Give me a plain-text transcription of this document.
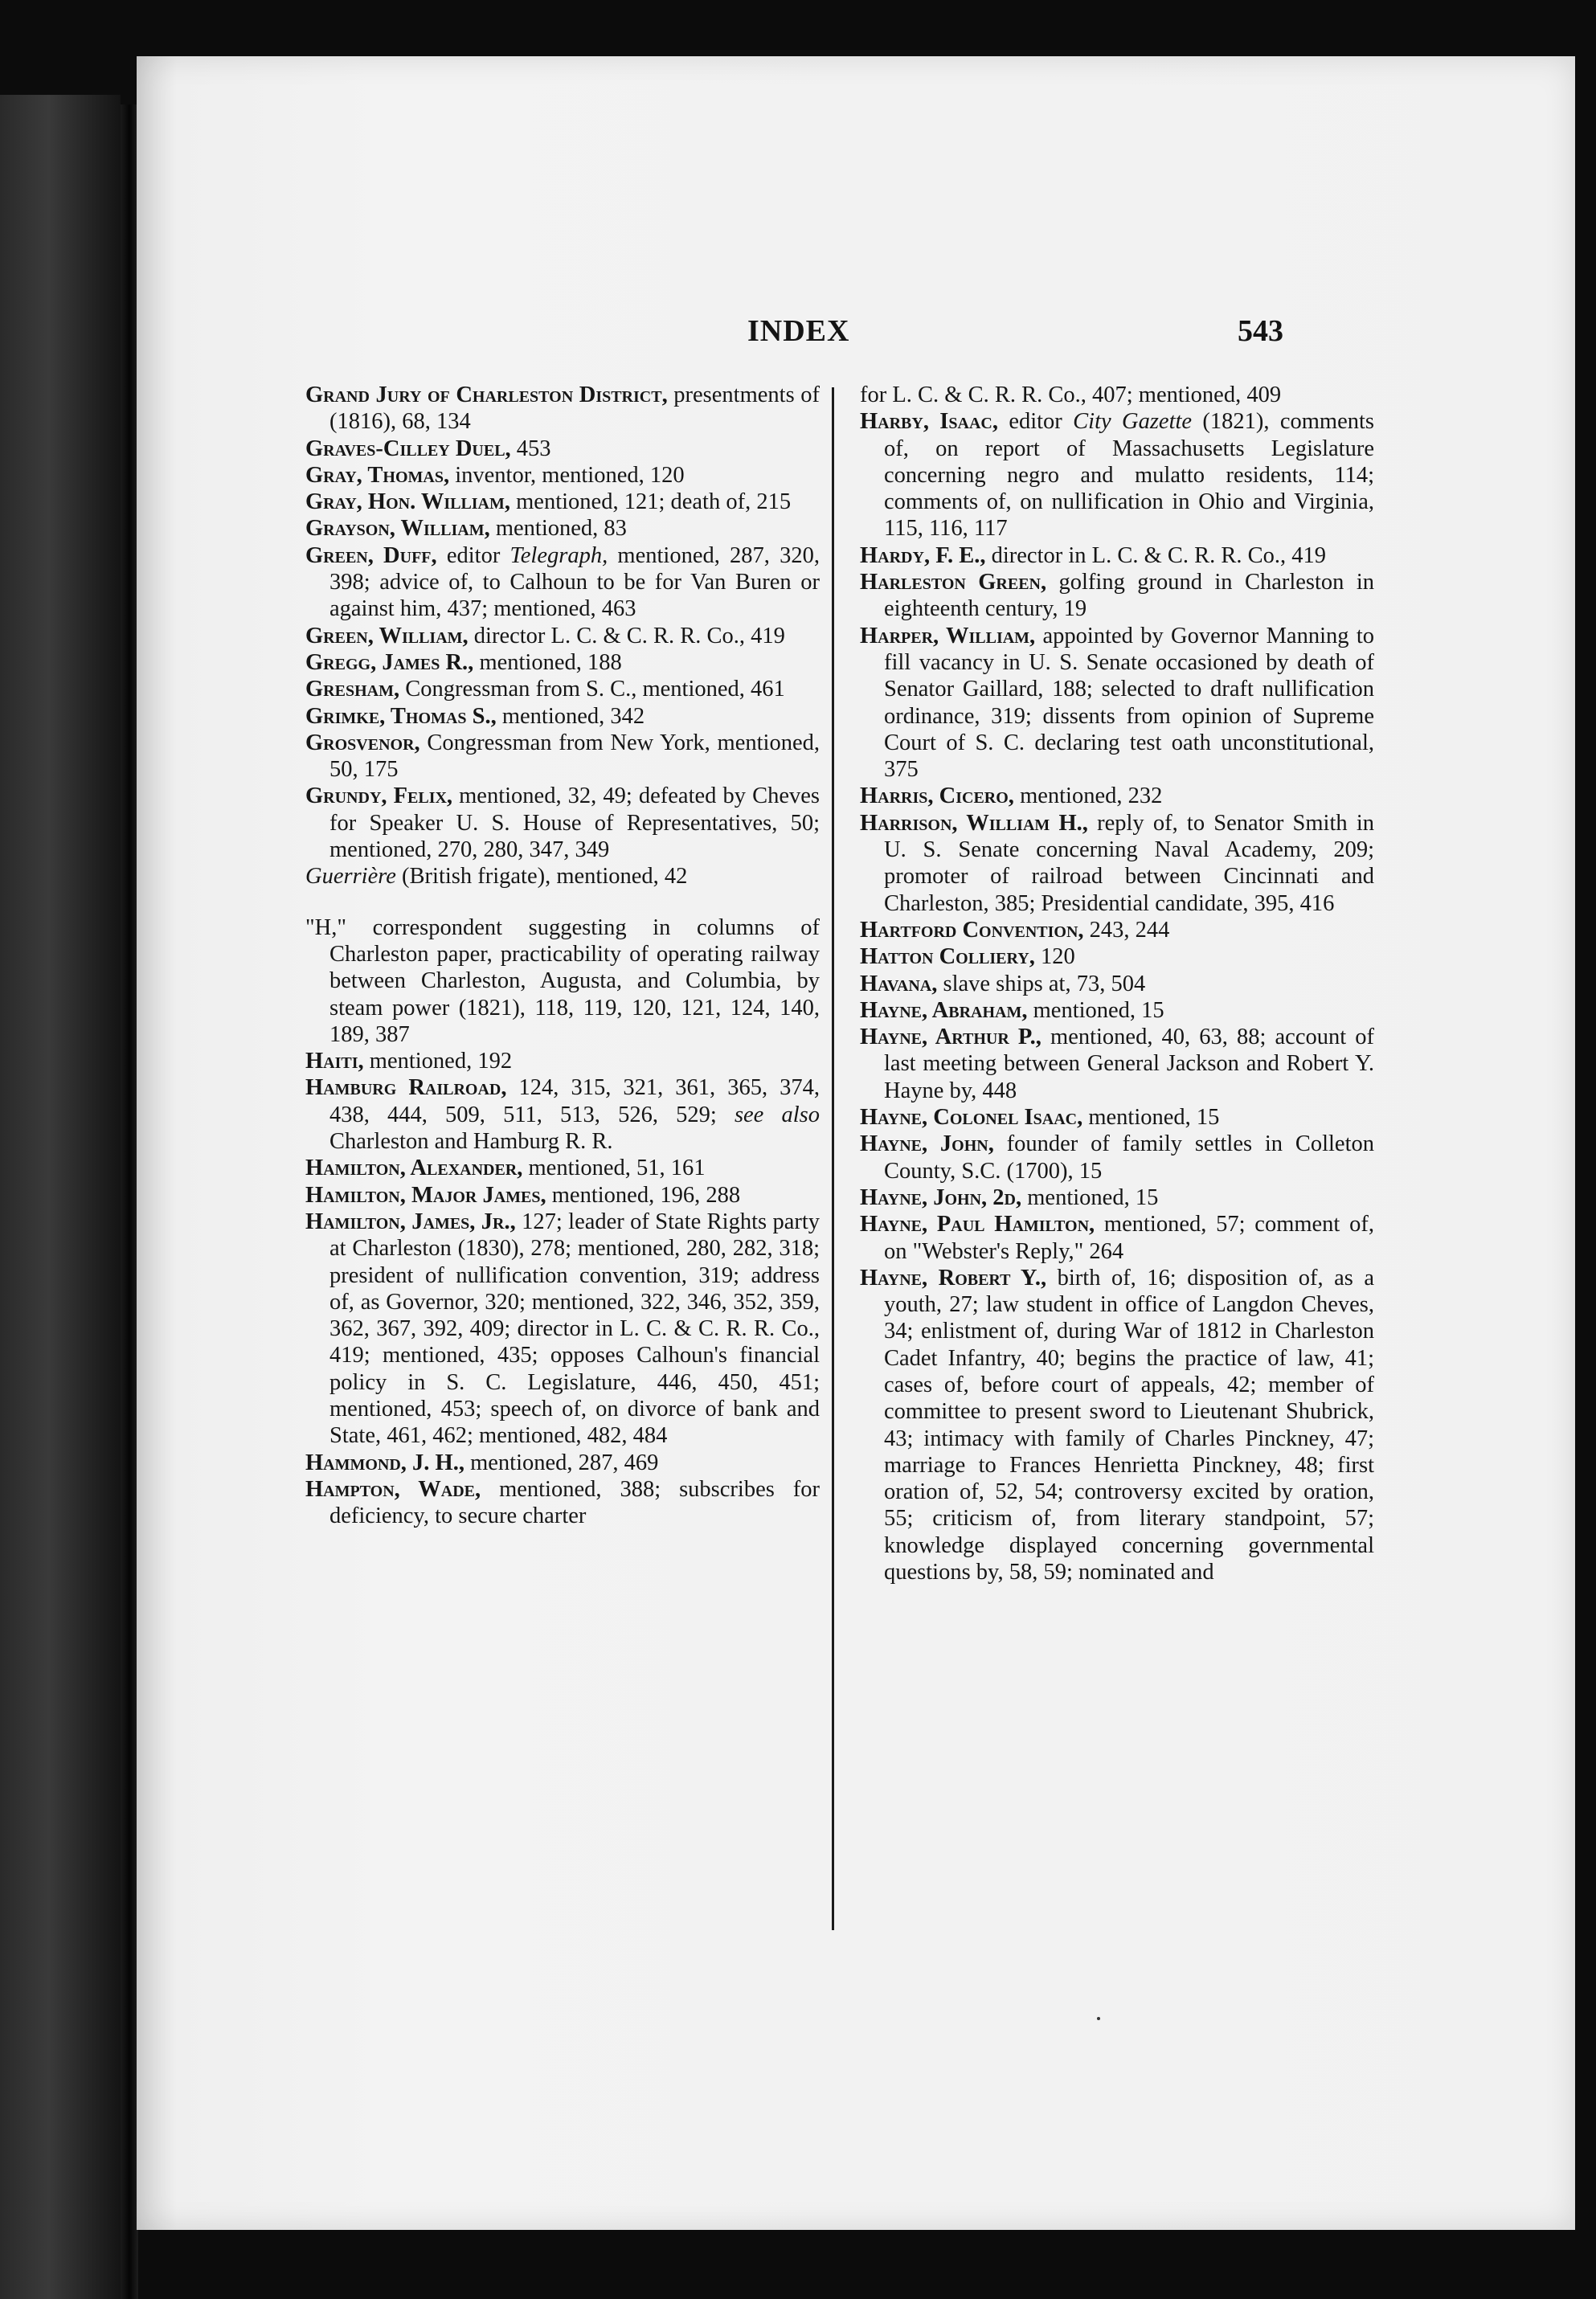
INDEX	543

Grand Jury of Charleston District, presentments of (1816), 68, 134

Graves-Cilley Duel, 453

Gray, Thomas, inventor, mentioned, 120

Gray, Hon. William, mentioned, 121; death of, 215

Grayson, William, mentioned, 83

Green, Duff, editor Telegraph, mentioned, 287, 320, 398; advice of, to Calhoun to be for Van Buren or against him, 437; mentioned, 463

Green, William, director L. C. & C. R. R. Co., 419

Gregg, James R., mentioned, 188

Gresham, Congressman from S. C., mentioned, 461

Grimke, Thomas S., mentioned, 342

Grosvenor, Congressman from New York, mentioned, 50, 175

Grundy, Felix, mentioned, 32, 49; defeated by Cheves for Speaker U. S. House of Representatives, 50; mentioned, 270, 280, 347, 349

Guerrière (British frigate), mentioned, 42

"H," correspondent suggesting in columns of Charleston paper, practicability of operating railway between Charleston, Augusta, and Columbia, by steam power (1821), 118, 119, 120, 121, 124, 140, 189, 387

Haiti, mentioned, 192

Hamburg Railroad, 124, 315, 321, 361, 365, 374, 438, 444, 509, 511, 513, 526, 529; see also Charleston and Hamburg R. R.

Hamilton, Alexander, mentioned, 51, 161

Hamilton, Major James, mentioned, 196, 288

Hamilton, James, Jr., 127; leader of State Rights party at Charleston (1830), 278; mentioned, 280, 282, 318; president of nullification convention, 319; address of, as Governor, 320; mentioned, 322, 346, 352, 359, 362, 367, 392, 409; director in L. C. & C. R. R. Co., 419; mentioned, 435; opposes Calhoun's financial policy in S. C. Legislature, 446, 450, 451; mentioned, 453; speech of, on divorce of bank and State, 461, 462; mentioned, 482, 484

Hammond, J. H., mentioned, 287, 469

Hampton, Wade, mentioned, 388; subscribes for deficiency, to secure charter

for L. C. & C. R. R. Co., 407; mentioned, 409

Harby, Isaac, editor City Gazette (1821), comments of, on report of Massachusetts Legislature concerning negro and mulatto residents, 114; comments of, on nullification in Ohio and Virginia, 115, 116, 117

Hardy, F. E., director in L. C. & C. R. R. Co., 419

Harleston Green, golfing ground in Charleston in eighteenth century, 19

Harper, William, appointed by Governor Manning to fill vacancy in U. S. Senate occasioned by death of Senator Gaillard, 188; selected to draft nullification ordinance, 319; dissents from opinion of Supreme Court of S. C. declaring test oath unconstitutional, 375

Harris, Cicero, mentioned, 232

Harrison, William H., reply of, to Senator Smith in U. S. Senate concerning Naval Academy, 209; promoter of railroad between Cincinnati and Charleston, 385; Presidential candidate, 395, 416

Hartford Convention, 243, 244

Hatton Colliery, 120

Havana, slave ships at, 73, 504

Hayne, Abraham, mentioned, 15

Hayne, Arthur P., mentioned, 40, 63, 88; account of last meeting between General Jackson and Robert Y. Hayne by, 448

Hayne, Colonel Isaac, mentioned, 15

Hayne, John, founder of family settles in Colleton County, S.C. (1700), 15

Hayne, John, 2d, mentioned, 15

Hayne, Paul Hamilton, mentioned, 57; comment of, on "Webster's Reply," 264

Hayne, Robert Y., birth of, 16; disposition of, as a youth, 27; law student in office of Langdon Cheves, 34; enlistment of, during War of 1812 in Charleston Cadet Infantry, 40; begins the practice of law, 41; cases of, before court of appeals, 42; member of committee to present sword to Lieutenant Shubrick, 43; intimacy with family of Charles Pinckney, 47; marriage to Frances Henrietta Pinckney, 48; first oration of, 52, 54; controversy excited by oration, 55; criticism of, from literary standpoint, 57; knowledge displayed concerning governmental questions by, 58, 59; nominated and
